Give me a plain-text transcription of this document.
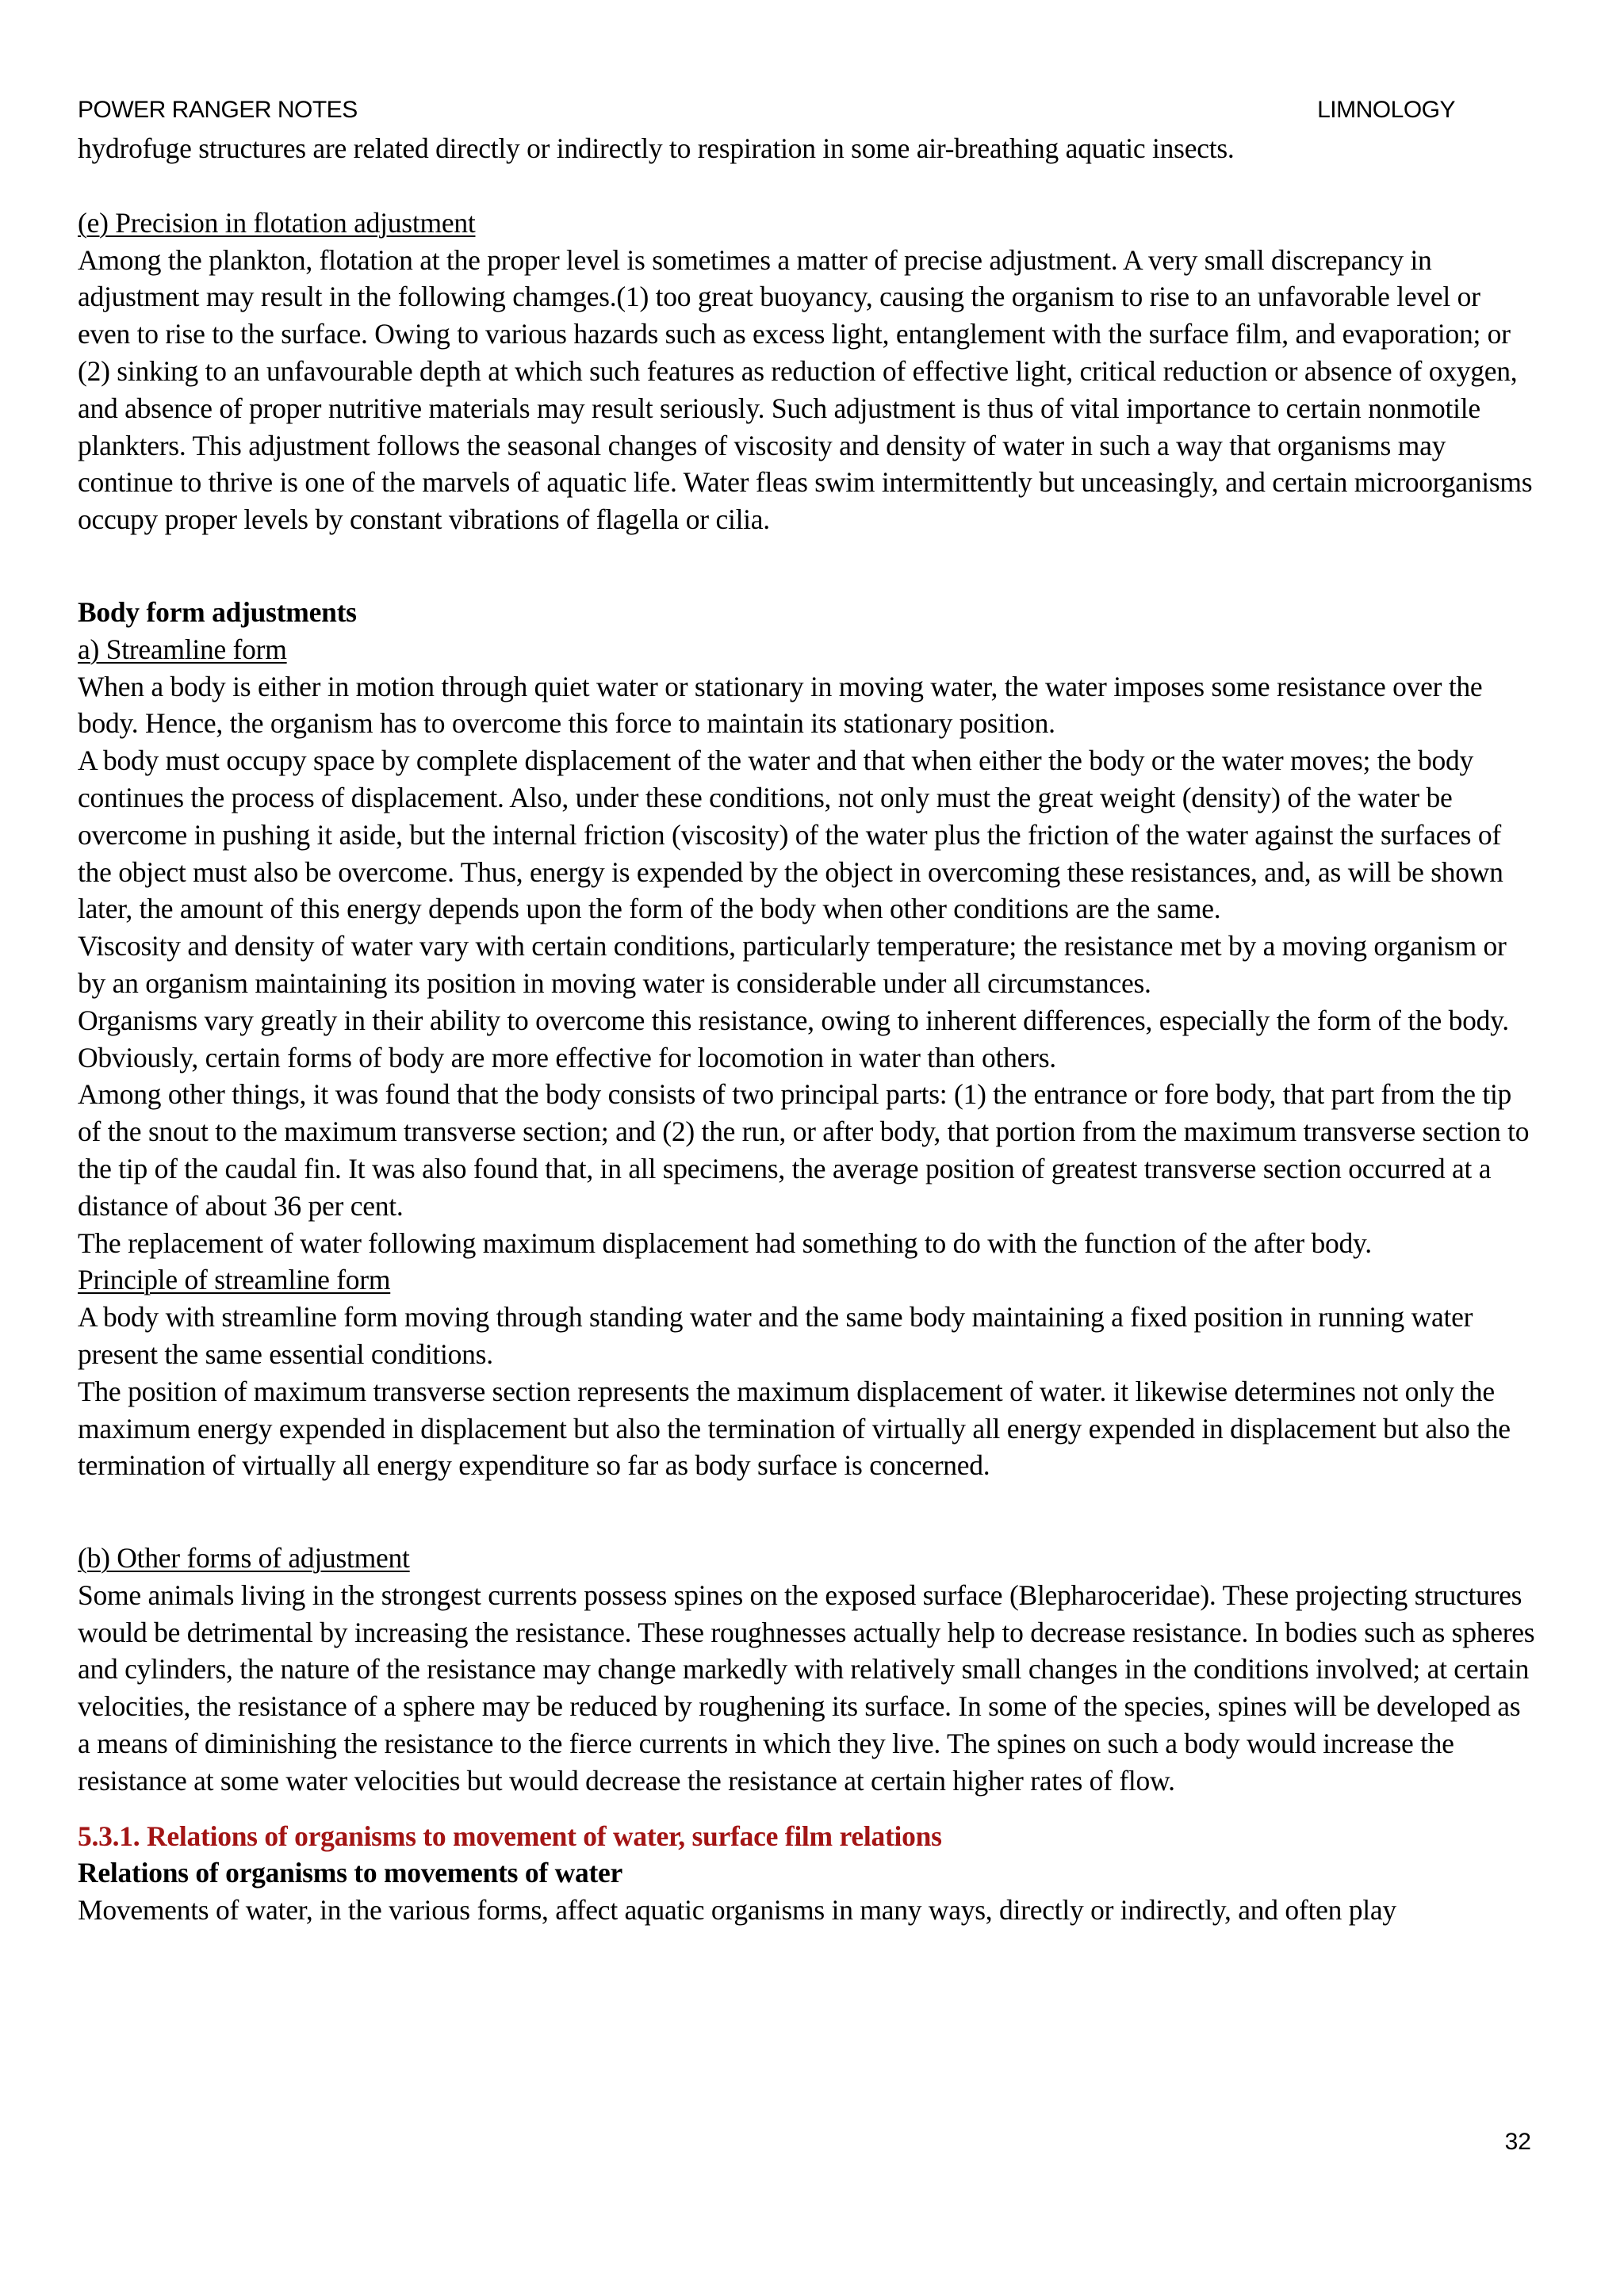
POWER RANGER NOTES	LIMNOLOGY

hydrofuge structures are related directly or indirectly to respiration in some air-breathing aquatic insects.

(e) Precision in flotation adjustment

Among the plankton, flotation at the proper level is sometimes a matter of precise adjustment. A very small discrepancy in adjustment may result in the following chamges.(1) too great buoyancy, causing the organism to rise to an unfavorable level or even to rise to the surface. Owing to various hazards such as excess light, entanglement with the surface film, and evaporation; or (2) sinking to an unfavourable depth at which such features as reduction of effective light, critical reduction or absence of oxygen, and absence of proper nutritive materials may result seriously. Such adjustment is thus of vital importance to certain nonmotile plankters. This adjustment follows the seasonal changes of viscosity and density of water in such a way that organisms may continue to thrive is one of the marvels of aquatic life. Water fleas swim intermittently but unceasingly, and certain microorganisms occupy proper levels by constant vibrations of flagella or cilia.

Body form adjustments

a) Streamline form

When a body is either in motion through quiet water or stationary in moving water, the water imposes some resistance over the body. Hence, the organism has to overcome this force to maintain its stationary position.

A body must occupy space by complete displacement of the water and that when either the body or the water moves; the body continues the process of displacement. Also, under these conditions, not only must the great weight (density) of the water be overcome in pushing it aside, but the internal friction (viscosity) of the water plus the friction of the water against the surfaces of the object must also be overcome. Thus, energy is expended by the object in overcoming these resistances, and, as will be shown later, the amount of this energy depends upon the form of the body when other conditions are the same.

Viscosity and density of water vary with certain conditions, particularly temperature; the resistance met by a moving organism or by an organism maintaining its position in moving water is considerable under all circumstances.

Organisms vary greatly in their ability to overcome this resistance, owing to inherent differences, especially the form of the body. Obviously, certain forms of body are more effective for locomotion in water than others.

Among other things, it was found that the body consists of two principal parts: (1) the entrance or fore body, that part from the tip of the snout to the maximum transverse section; and (2) the run, or after body, that portion from the maximum transverse section to the tip of the caudal fin. It was also found that, in all specimens, the average position of greatest transverse section occurred at a distance of about 36 per cent.

The replacement of water following maximum displacement had something to do with the function of the after body.

Principle of streamline form

A body with streamline form moving through standing water and the same body maintaining a fixed position in running water present the same essential conditions.

The position of maximum transverse section represents the maximum displacement of water. it likewise determines not only the maximum energy expended in displacement but also the termination of virtually all energy expended in displacement but also the termination of virtually all energy expenditure so far as body surface is concerned.

(b) Other forms of adjustment

Some animals living in the strongest currents possess spines on the exposed surface (Blepharoceridae). These projecting structures would be detrimental by increasing the resistance. These roughnesses actually help to decrease resistance. In bodies such as spheres and cylinders, the nature of the resistance may change markedly with relatively small changes in the conditions involved; at certain velocities, the resistance of a sphere may be reduced by roughening its surface. In some of the species, spines will be developed as a means of diminishing the resistance to the fierce currents in which they live. The spines on such a body would increase the resistance at some water velocities but would decrease the resistance at certain higher rates of flow.

5.3.1. Relations of organisms to movement of water, surface film relations

Relations of organisms to movements of water

Movements of water, in the various forms, affect aquatic organisms in many ways, directly or indirectly, and often play

32
